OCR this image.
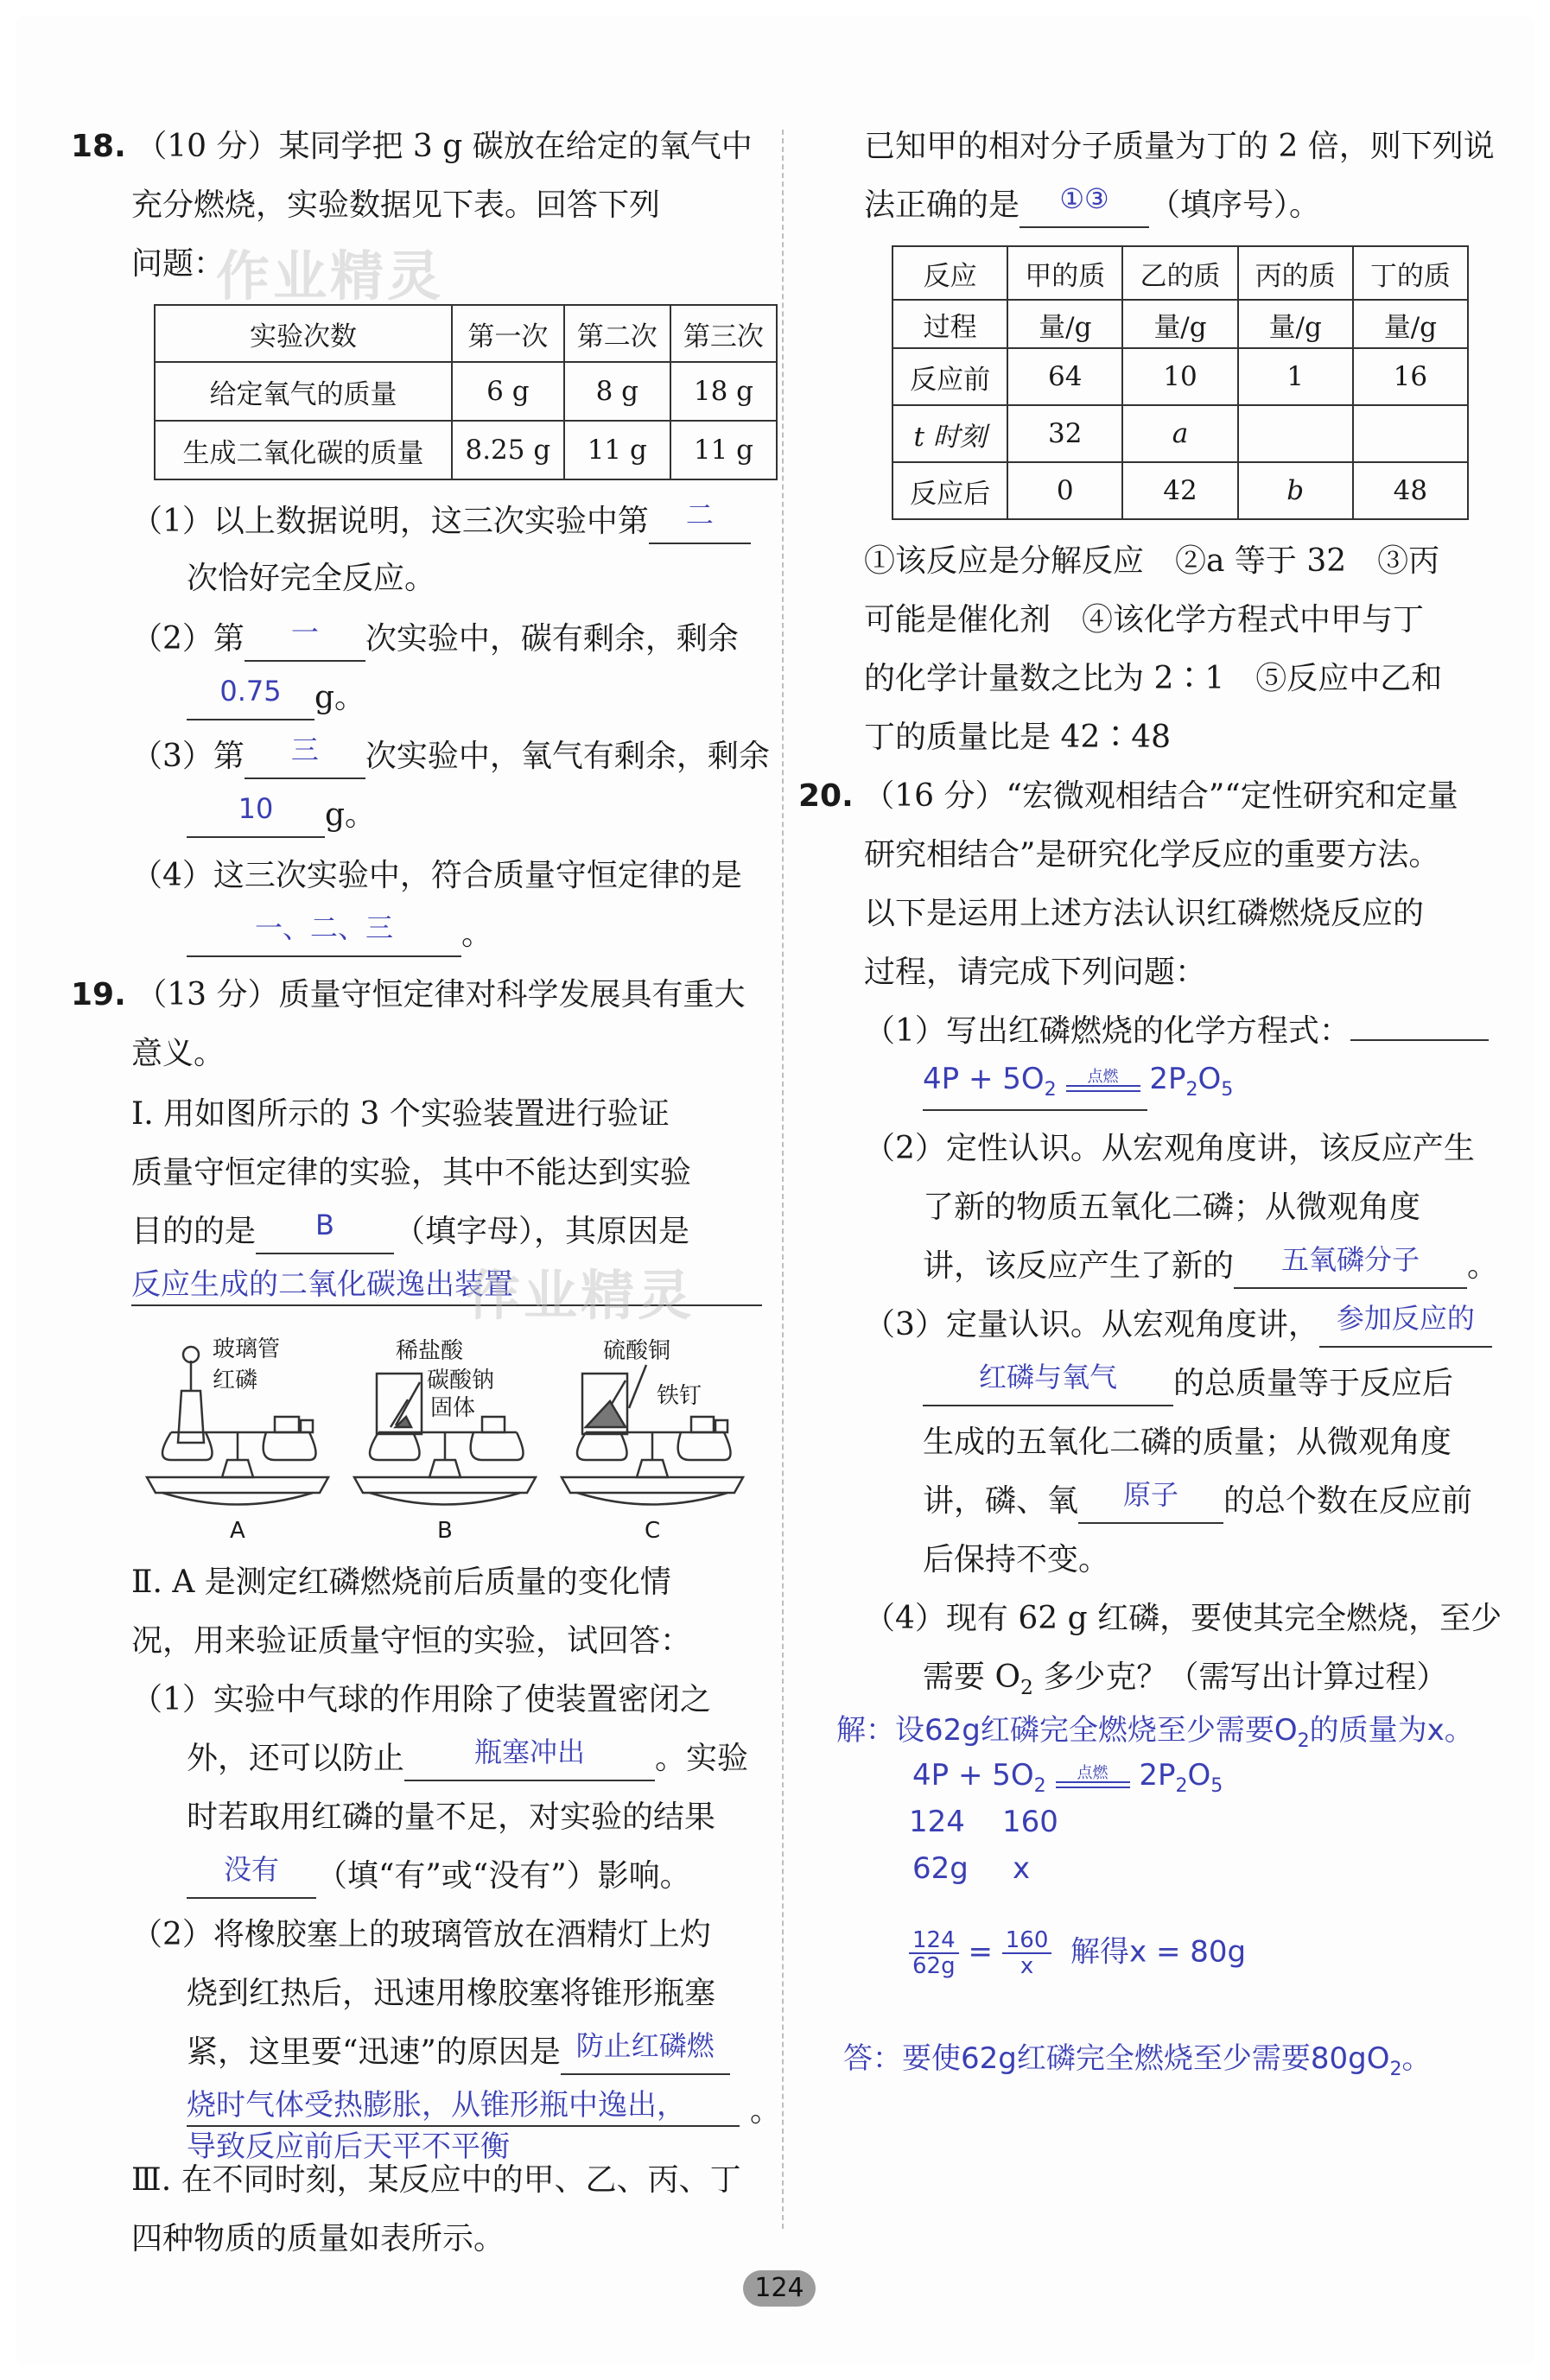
18. （10 分）某同学把 3 g 碳放在给定的氧气中
充分燃烧，实验数据见下表。回答下列
问题：
作业精灵
实验次数	第一次	第二次	第三次
给定氧气的质量	6 g	8 g	18 g
生成二氧化碳的质量	8.25 g	11 g	11 g
（1）以上数据说明，这三次实验中第 二
次恰好完全反应。
（2）第 一 次实验中，碳有剩余，剩余
0.75 g。
（3）第 三 次实验中，氧气有剩余，剩余
10 g。
（4）这三次实验中，符合质量守恒定律的是
一、二、三 。
19. （13 分）质量守恒定律对科学发展具有重大
意义。
Ⅰ. 用如图所示的 3 个实验装置进行验证
质量守恒定律的实验，其中不能达到实验
目的的是 B （填字母），其原因是
反应生成的二氧化碳逸出装置
作业精灵
玻璃管
红磷
稀盐酸
碳酸钠
固体
硫酸铜
铁钉
A	B	C
Ⅱ. A 是测定红磷燃烧前后质量的变化情
况，用来验证质量守恒的实验，试回答：
（1）实验中气球的作用除了使装置密闭之
外，还可以防止	瓶塞冲出 。实验
时若取用红磷的量不足，对实验的结果
没有 （填“有”或“没有”）影响。
（2）将橡胶塞上的玻璃管放在酒精灯上灼
烧到红热后，迅速用橡胶塞将锥形瓶塞
紧，这里要“迅速”的原因是 防止红磷燃
烧时气体受热膨胀，从锥形瓶中逸出，	。
导致反应前后天平不平衡
Ⅲ. 在不同时刻，某反应中的甲、乙、丙、丁
四种物质的质量如表所示。
已知甲的相对分子质量为丁的 2 倍，则下列说
法正确的是 ①③ （填序号）。
反应	甲的质	乙的质	丙的质	丁的质
过程	量/g	量/g	量/g	量/g
反应前	64	10	1	16
t 时刻	32	a		
反应后	0	42	b	48
①该反应是分解反应　②a 等于 32　③丙
可能是催化剂　④该化学方程式中甲与丁
的化学计量数之比为 2∶1　⑤反应中乙和
丁的质量比是 42∶48
20. （16 分）“宏微观相结合”“定性研究和定量
研究相结合”是研究化学反应的重要方法。
以下是运用上述方法认识红磷燃烧反应的
过程，请完成下列问题：
（1）写出红磷燃烧的化学方程式：
$4P + 5O_2$
点燃	$2P_2$ $_5$
（2）定性认识。从宏观角度讲，该反应产生
了新的物质五氧化二磷；从微观角度
讲，该反应产生了新的 五氧磷分子 。
（3）定量认识。从宏观角度讲， 参加反应的
红磷与氧气 的总质量等于反应后
生成的五氧化二磷的质量；从微观角度
讲，磷、氧 原子 的总个数在反应前
后保持不变。
（4）现有 62 g 红磷，要使其完全燃烧，至少
需要 $O_2$ 多少克？（需写出计算过程）
解：设62g红磷完全燃烧至少需要$O_2$的质量为x。
$4P + 5O_2$
点燃	$2P_2O_5$
124 160
62g x
$\frac{124}{62g} = \frac{160}{x}$ 解得x = 80g
答：要使62g红磷完全燃烧至少需要$80gO_2$。
124
